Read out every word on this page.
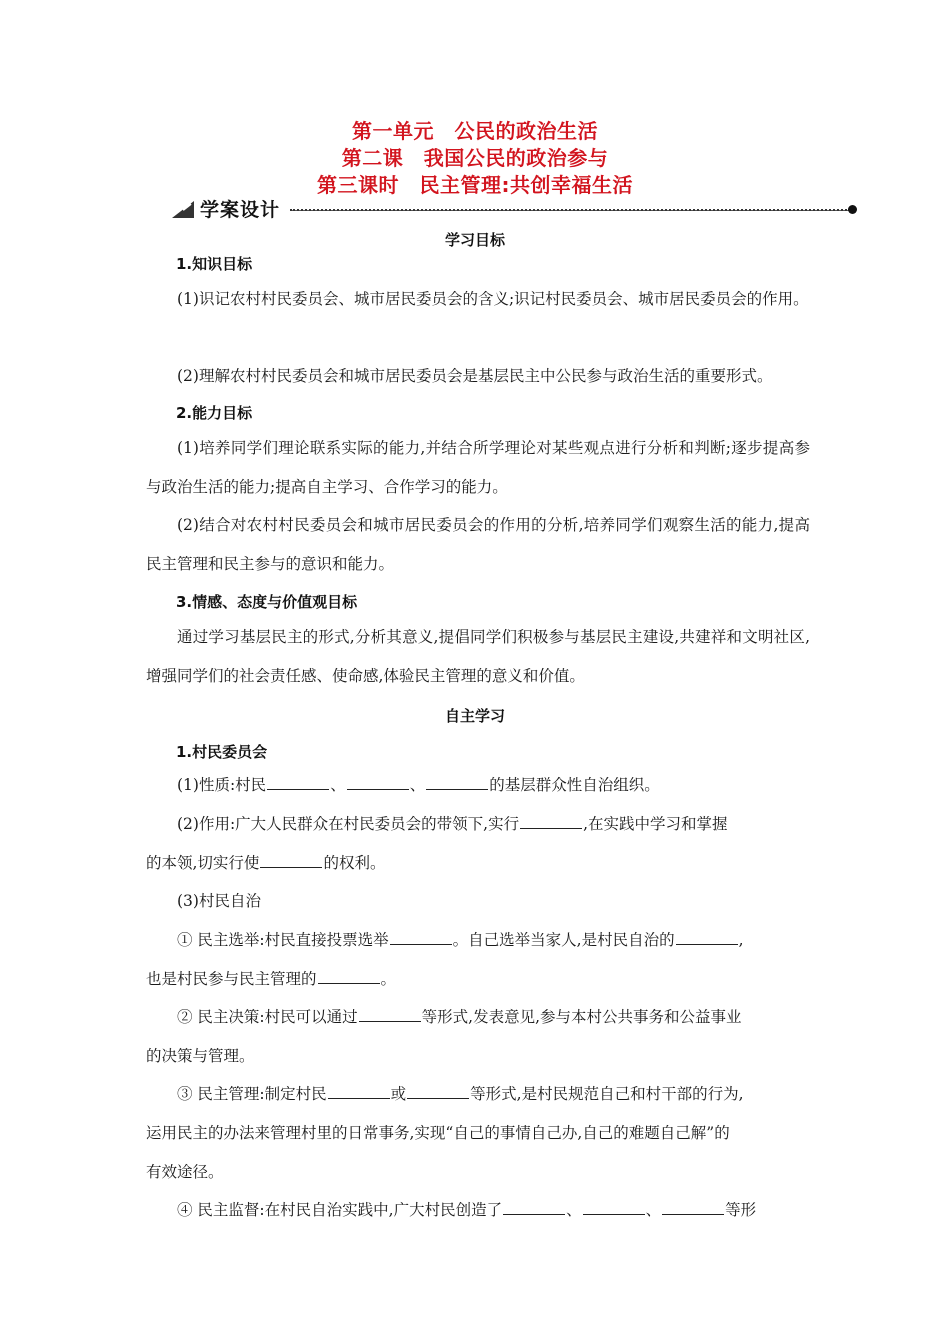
第一单元　公民的政治生活
第二课　我国公民的政治参与
第三课时　民主管理:共创幸福生活
学案设计
学习目标
1.知识目标
(1)识记农村村民委员会、城市居民委员会的含义;识记村民委员会、城市居民委员会的作用。
(2)理解农村村民委员会和城市居民委员会是基层民主中公民参与政治生活的重要形式。
2.能力目标
(1)培养同学们理论联系实际的能力,并结合所学理论对某些观点进行分析和判断;逐步提高参与政治生活的能力;提高自主学习、合作学习的能力。
(2)结合对农村村民委员会和城市居民委员会的作用的分析,培养同学们观察生活的能力,提高民主管理和民主参与的意识和能力。
3.情感、态度与价值观目标
通过学习基层民主的形式,分析其意义,提倡同学们积极参与基层民主建设,共建祥和文明社区,增强同学们的社会责任感、使命感,体验民主管理的意义和价值。
自主学习
1.村民委员会
(1)性质:村民	、	、	的基层群众性自治组织。
(2)作用:广大人民群众在村民委员会的带领下,实行	,在实践中学习和掌握
的本领,切实行使	的权利。
(3)村民自治
① 民主选举:村民直接投票选举	。自己选举当家人,是村民自治的	,
也是村民参与民主管理的	。
② 民主决策:村民可以通过	等形式,发表意见,参与本村公共事务和公益事业
的决策与管理。
③ 民主管理:制定村民	或	等形式,是村民规范自己和村干部的行为,
运用民主的办法来管理村里的日常事务,实现“自己的事情自己办,自己的难题自己解”的
有效途径。
④ 民主监督:在村民自治实践中,广大村民创造了	、	、	等形
